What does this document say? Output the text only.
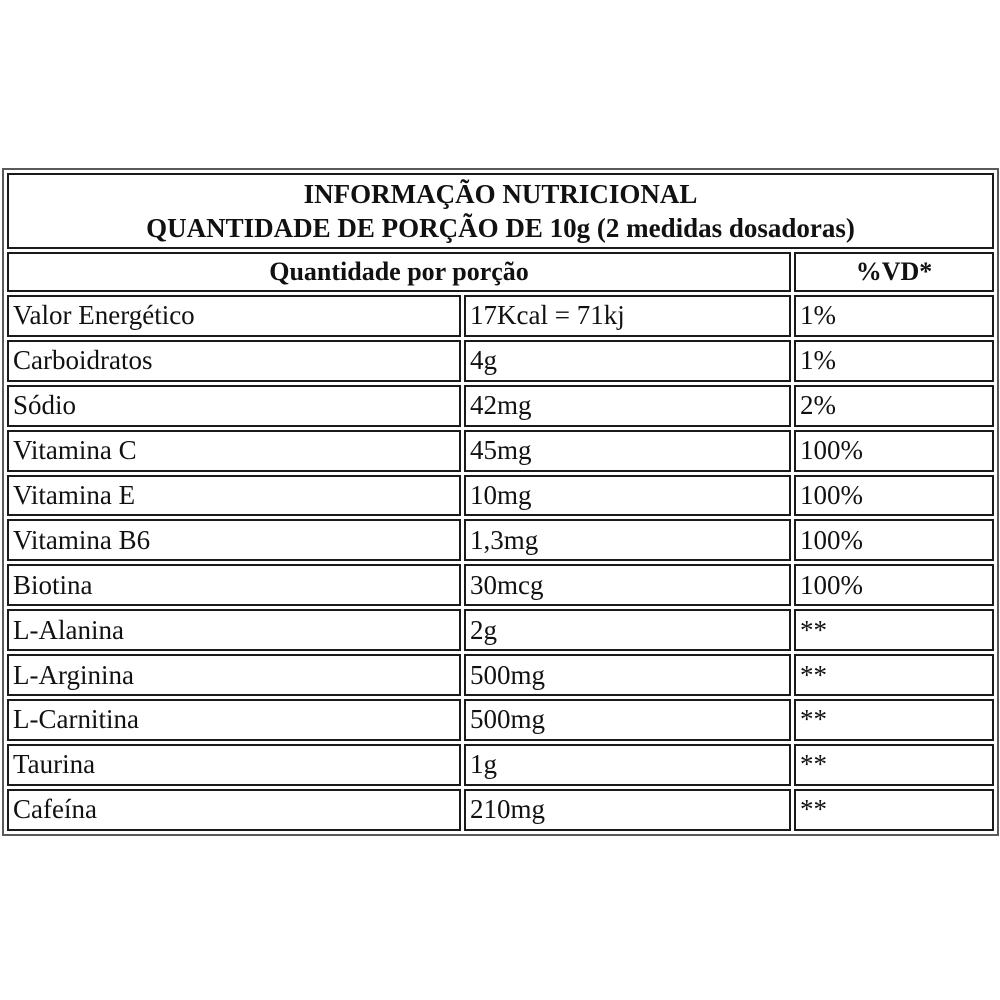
INFORMAÇÃO NUTRICIONAL
QUANTIDADE DE PORÇÃO DE 10g (2 medidas dosadoras)		

Quantidade por porção		%VD*
Valor Energético	17Kcal = 71kj	1%
Carboidratos	4g	1%
Sódio	42mg	2%
Vitamina C	45mg	100%
Vitamina E	10mg	100%
Vitamina B6	1,3mg	100%
Biotina	30mcg	100%
L-Alanina	2g	**
L-Arginina	500mg	**
L-Carnitina	500mg	**
Taurina	1g	**
Cafeína	210mg	**
